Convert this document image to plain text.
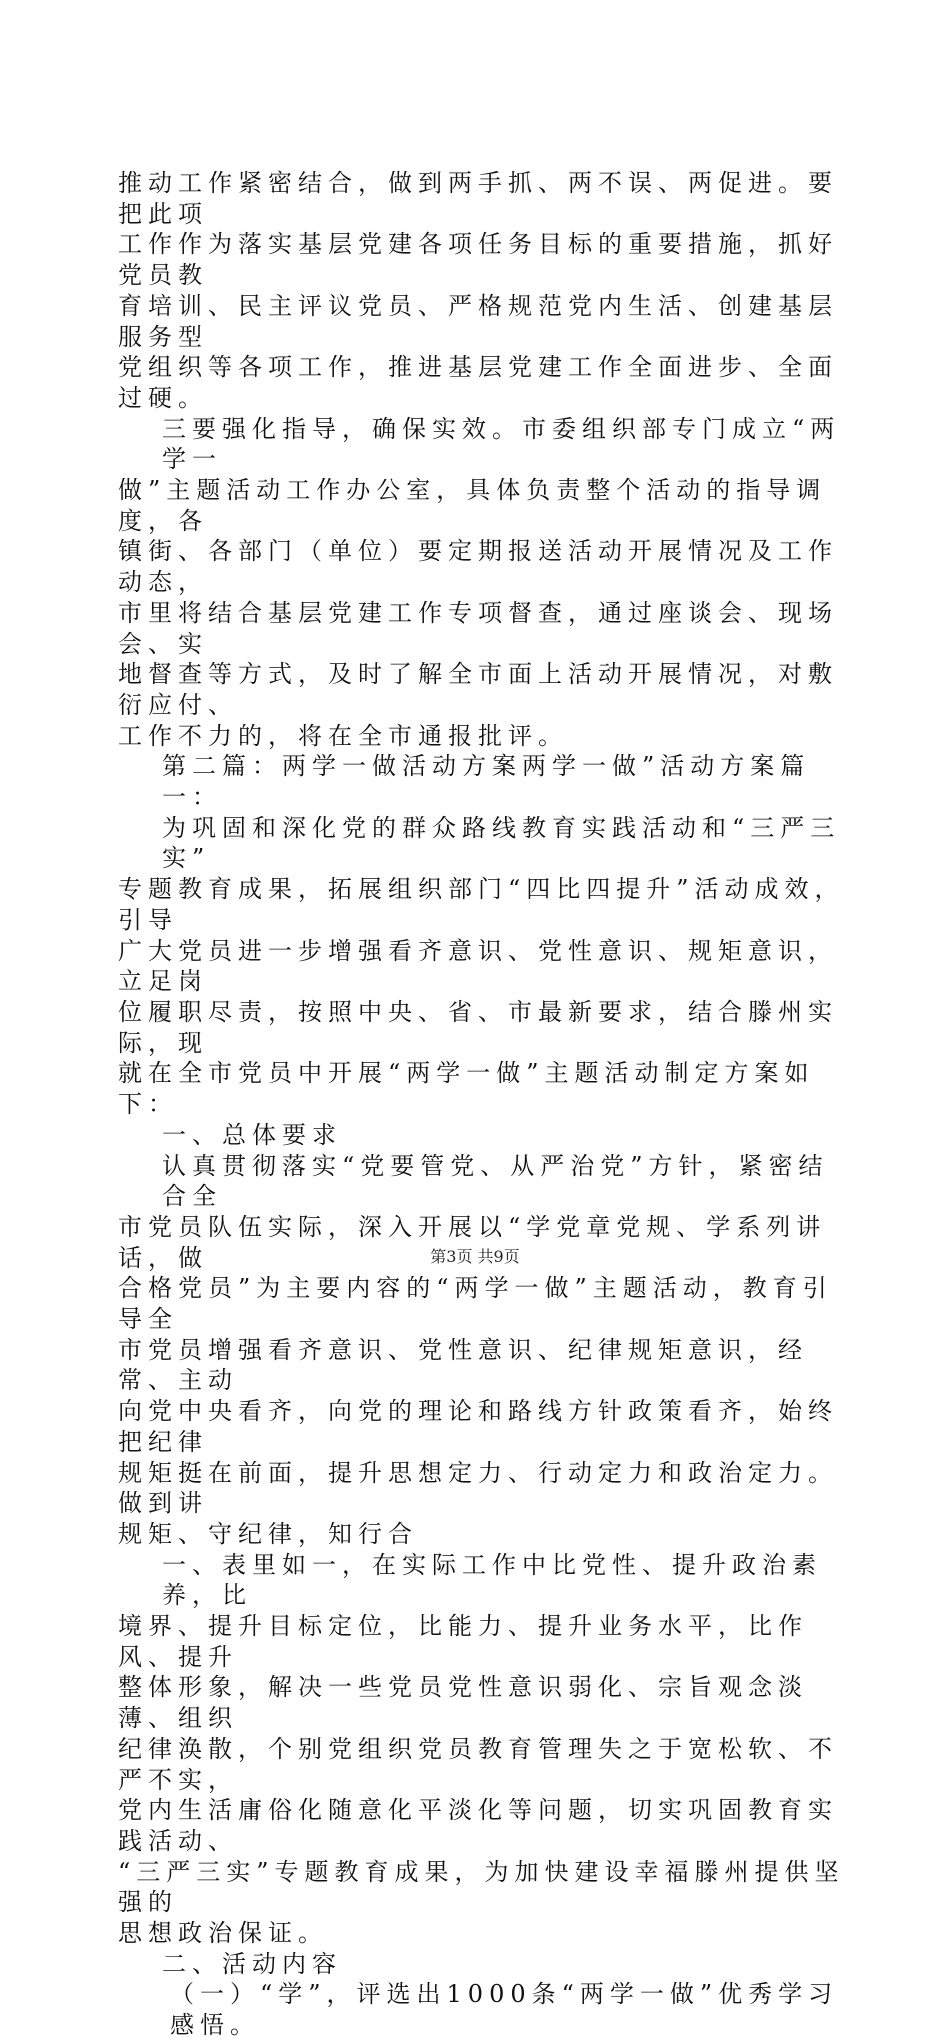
推动工作紧密结合，做到两手抓、两不误、两促进。要把此项
工作作为落实基层党建各项任务目标的重要措施，抓好党员教
育培训、民主评议党员、严格规范党内生活、创建基层服务型
党组织等各项工作，推进基层党建工作全面进步、全面过硬。
三要强化指导，确保实效。市委组织部专门成立“两学一
做”主题活动工作办公室，具体负责整个活动的指导调度，各
镇街、各部门（单位）要定期报送活动开展情况及工作动态，
市里将结合基层党建工作专项督查，通过座谈会、现场会、实
地督查等方式，及时了解全市面上活动开展情况，对敷衍应付、
工作不力的，将在全市通报批评。
第二篇：两学一做活动方案两学一做”活动方案篇一：
为巩固和深化党的群众路线教育实践活动和“三严三实”
专题教育成果，拓展组织部门“四比四提升”活动成效，引导
广大党员进一步增强看齐意识、党性意识、规矩意识，立足岗
位履职尽责，按照中央、省、市最新要求，结合滕州实际，现
就在全市党员中开展“两学一做”主题活动制定方案如下：
一、总体要求
认真贯彻落实“党要管党、从严治党”方针，紧密结合全
市党员队伍实际，深入开展以“学党章党规、学系列讲话，做
合格党员”为主要内容的“两学一做”主题活动，教育引导全
市党员增强看齐意识、党性意识、纪律规矩意识，经常、主动
向党中央看齐，向党的理论和路线方针政策看齐，始终把纪律
规矩挺在前面，提升思想定力、行动定力和政治定力。做到讲
规矩、守纪律，知行合
一、表里如一，在实际工作中比党性、提升政治素养，比
境界、提升目标定位，比能力、提升业务水平，比作风、提升
整体形象，解决一些党员党性意识弱化、宗旨观念淡薄、组织
纪律涣散，个别党组织党员教育管理失之于宽松软、不严不实，
党内生活庸俗化随意化平淡化等问题，切实巩固教育实践活动、
“三严三实”专题教育成果，为加快建设幸福滕州提供坚强的
思想政治保证。
二、活动内容
（一）“学”，评选出1000条“两学一做”优秀学习感悟。
第3页 共9页
